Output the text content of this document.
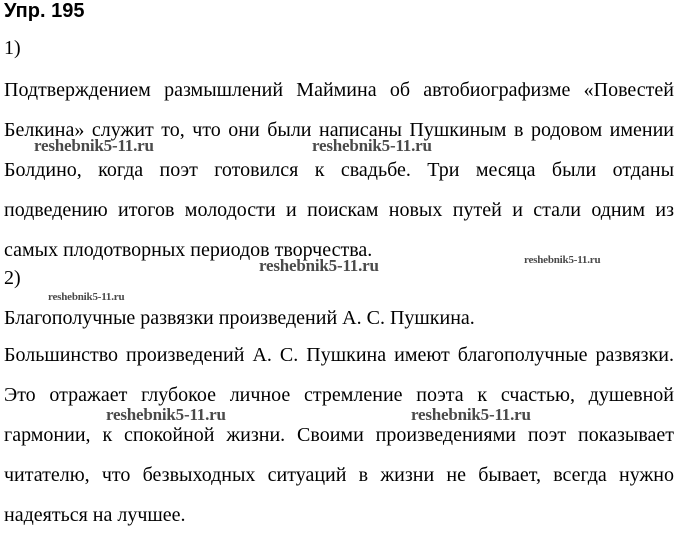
Упр. 195
1)

Подтверждением размышлений Маймина об автобиографизме «Повестей Белкина» служит то, что они были написаны Пушкиным в родовом имении Болдино, когда поэт готовился к свадьбе. Три месяца были отданы подведению итогов молодости и поискам новых путей и стали одним из самых плодотворных периодов творчества.

2)

Благополучные развязки произведений А. С. Пушкина.

Большинство произведений А. С. Пушкина имеют благополучные развязки. Это отражает глубокое личное стремление поэта к счастью, душевной гармонии, к спокойной жизни. Своими произведениями поэт показывает читателю, что безвыходных ситуаций в жизни не бывает, всегда нужно надеяться на лучшее.

reshebnik5-11.ru	reshebnik5-11.ru
reshebnik5-11.ru	reshebnik5-11.ru
reshebnik5-11.ru
reshebnik5-11.ru	reshebnik5-11.ru
